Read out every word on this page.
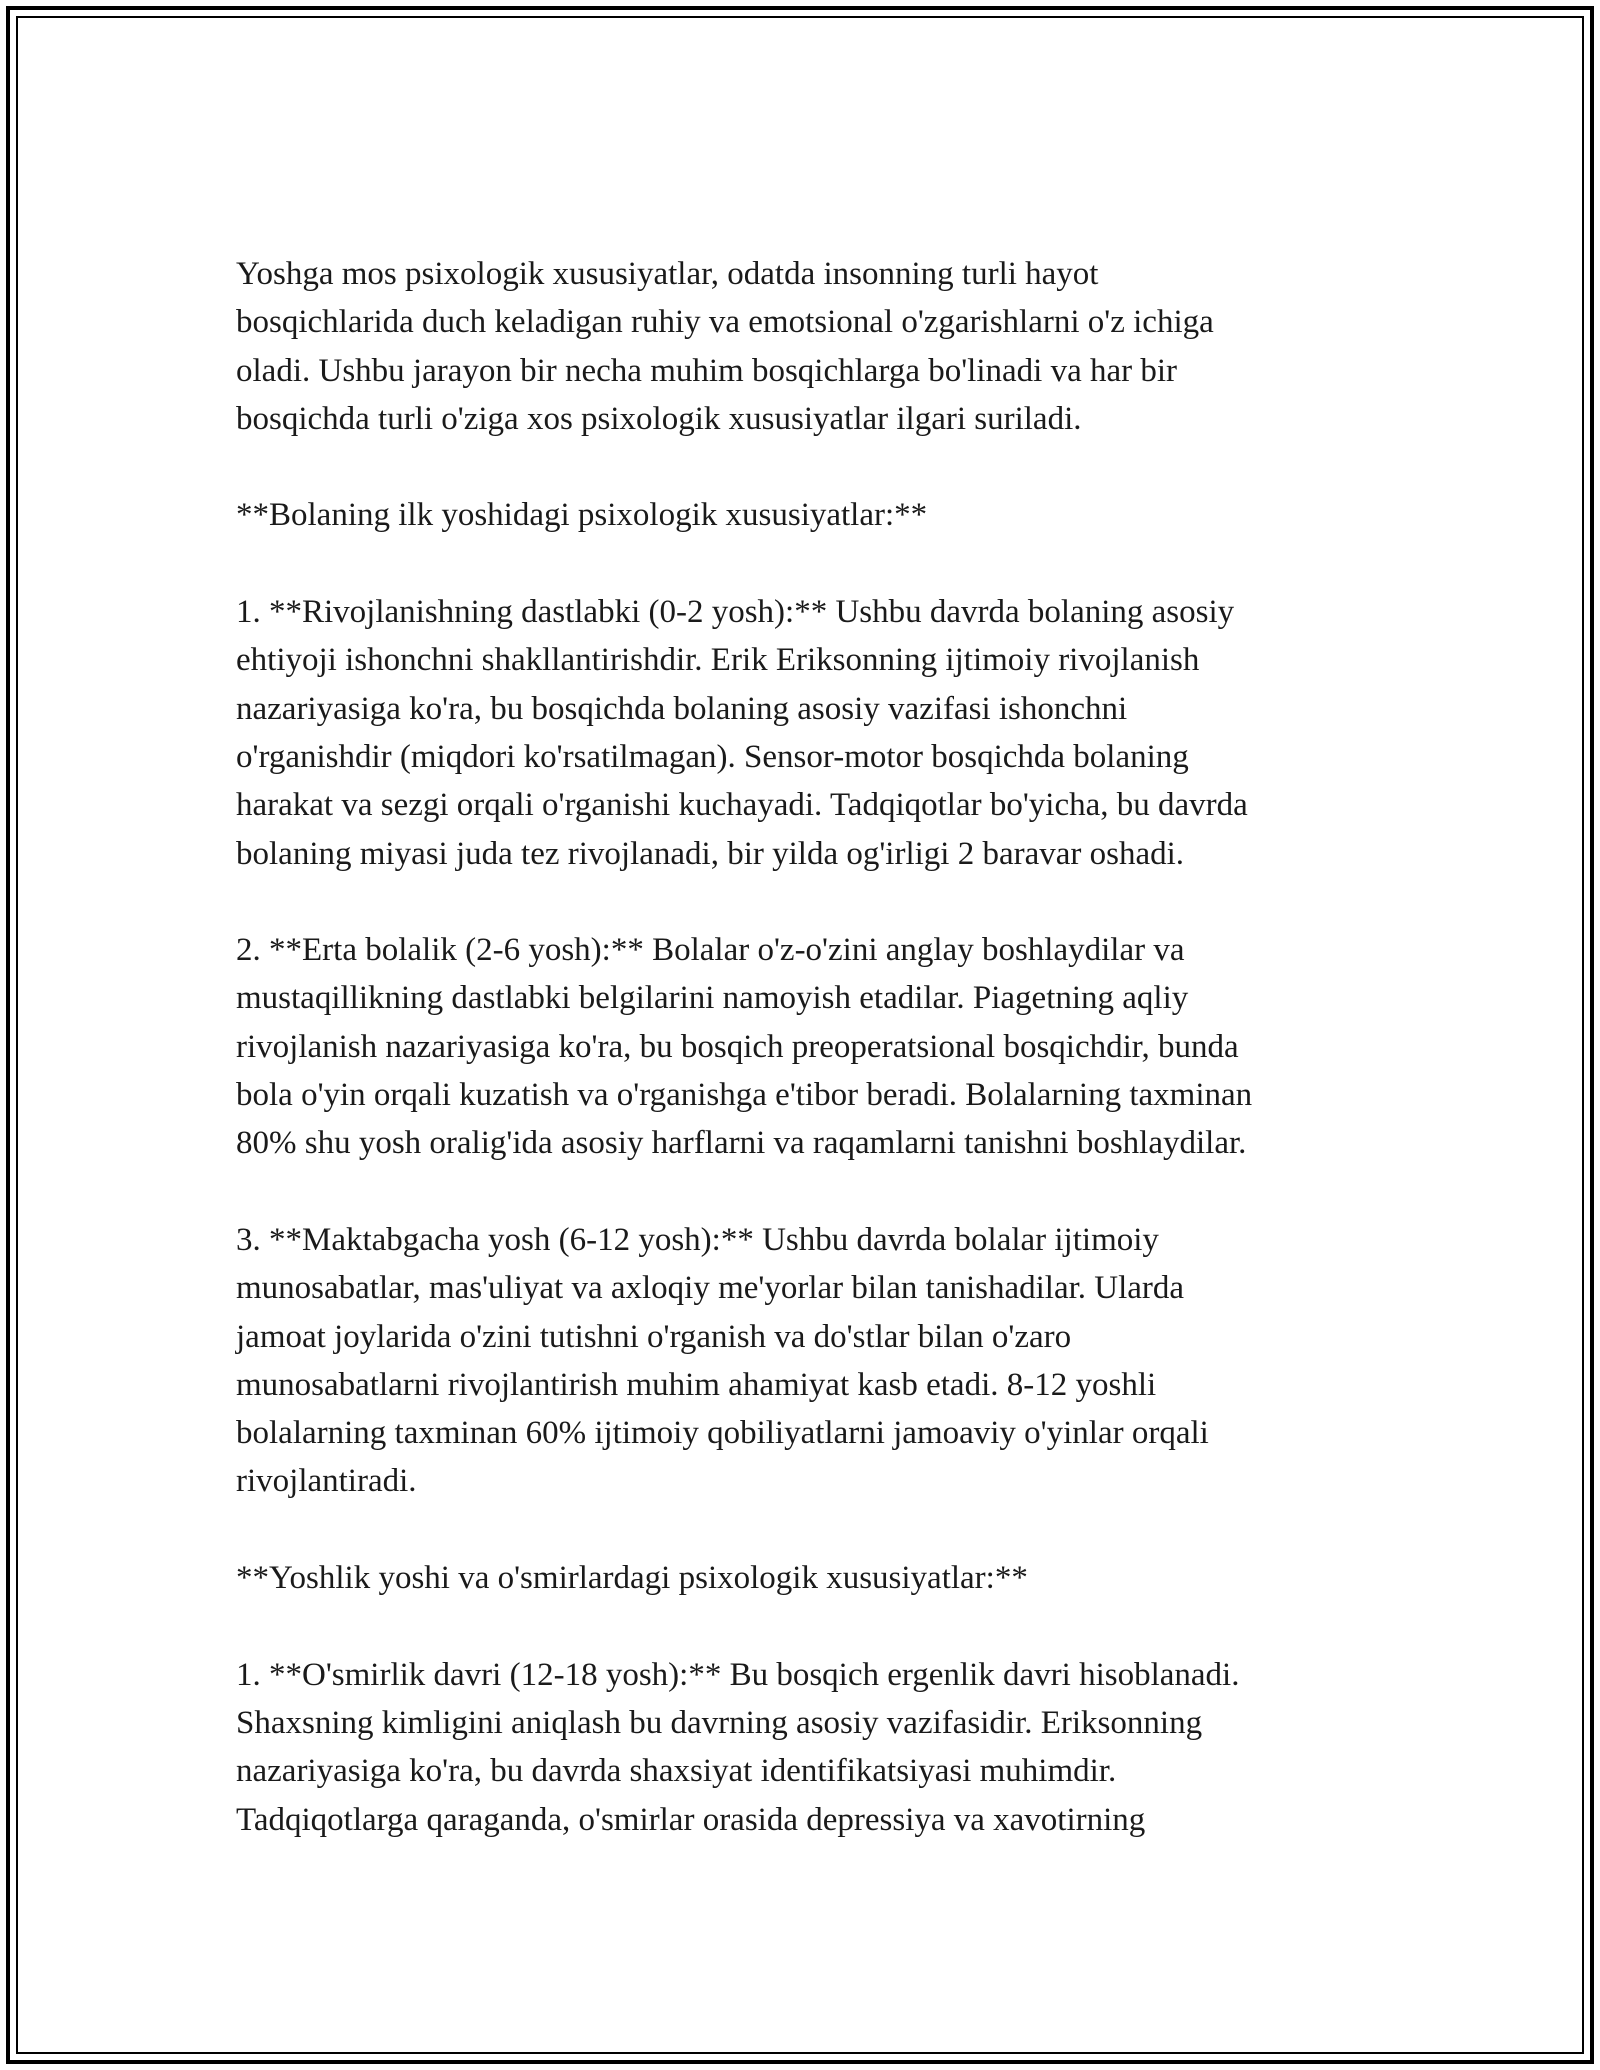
Yoshga mos psixologik xususiyatlar, odatda insonning turli hayot
bosqichlarida duch keladigan ruhiy va emotsional o'zgarishlarni o'z ichiga
oladi. Ushbu jarayon bir necha muhim bosqichlarga bo'linadi va har bir
bosqichda turli o'ziga xos psixologik xususiyatlar ilgari suriladi.

**Bolaning ilk yoshidagi psixologik xususiyatlar:**

1. **Rivojlanishning dastlabki (0-2 yosh):** Ushbu davrda bolaning asosiy
ehtiyoji ishonchni shakllantirishdir. Erik Eriksonning ijtimoiy rivojlanish
nazariyasiga ko'ra, bu bosqichda bolaning asosiy vazifasi ishonchni
o'rganishdir (miqdori ko'rsatilmagan). Sensor-motor bosqichda bolaning
harakat va sezgi orqali o'rganishi kuchayadi. Tadqiqotlar bo'yicha, bu davrda
bolaning miyasi juda tez rivojlanadi, bir yilda og'irligi 2 baravar oshadi.

2. **Erta bolalik (2-6 yosh):** Bolalar o'z-o'zini anglay boshlaydilar va
mustaqillikning dastlabki belgilarini namoyish etadilar. Piagetning aqliy
rivojlanish nazariyasiga ko'ra, bu bosqich preoperatsional bosqichdir, bunda
bola o'yin orqali kuzatish va o'rganishga e'tibor beradi. Bolalarning taxminan
80% shu yosh oralig'ida asosiy harflarni va raqamlarni tanishni boshlaydilar.

3. **Maktabgacha yosh (6-12 yosh):** Ushbu davrda bolalar ijtimoiy
munosabatlar, mas'uliyat va axloqiy me'yorlar bilan tanishadilar. Ularda
jamoat joylarida o'zini tutishni o'rganish va do'stlar bilan o'zaro
munosabatlarni rivojlantirish muhim ahamiyat kasb etadi. 8-12 yoshli
bolalarning taxminan 60% ijtimoiy qobiliyatlarni jamoaviy o'yinlar orqali
rivojlantiradi.

**Yoshlik yoshi va o'smirlardagi psixologik xususiyatlar:**

1. **O'smirlik davri (12-18 yosh):** Bu bosqich ergenlik davri hisoblanadi.
Shaxsning kimligini aniqlash bu davrning asosiy vazifasidir. Eriksonning
nazariyasiga ko'ra, bu davrda shaxsiyat identifikatsiyasi muhimdir.
Tadqiqotlarga qaraganda, o'smirlar orasida depressiya va xavotirning
